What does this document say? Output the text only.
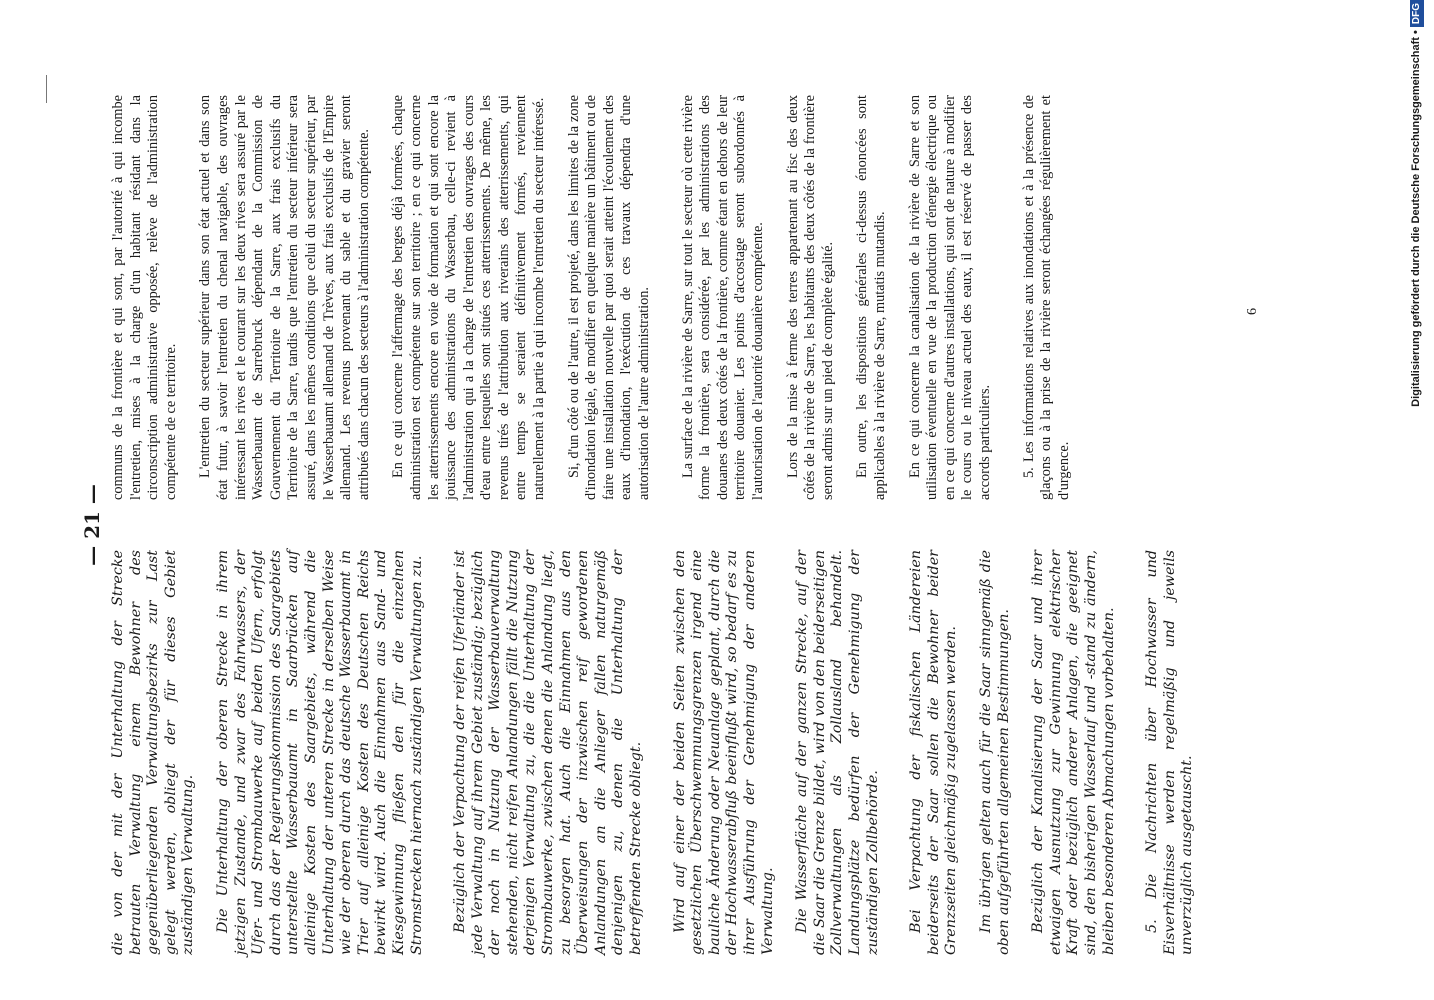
— 21 —

die von der mit der Unterhaltung der Strecke betrauten Verwaltung einem Bewohner des gegenüberliegenden Verwaltungsbezirks zur Last gelegt werden, obliegt der für dieses Gebiet zuständigen Verwaltung. Die Unterhaltung der oberen Strecke in ihrem jetzigen Zustande, und zwar des Fahrwassers, der Ufer- und Strombauwerke auf beiden Ufern, erfolgt durch das der Regierungskommission des Saargebiets unterstellte Wasserbauamt in Saarbrücken auf alleinige Kosten des Saargebiets, während die Unterhaltung der unteren Strecke in derselben Weise wie der oberen durch das deutsche Wasserbauamt in Trier auf alleinige Kosten des Deutschen Reichs bewirkt wird. Auch die Einnahmen aus Sand- und Kiesgewinnung fließen den für die einzelnen Stromstrecken hiernach zuständigen Verwaltungen zu. Bezüglich der Verpachtung der reifen Uferländer ist jede Verwaltung auf ihrem Gebiet zuständig; bezüglich der noch in Nutzung der Wasserbauverwaltung stehenden, nicht reifen Anlandungen fällt die Nutzung derjenigen Verwaltung zu, die die Unterhaltung der Strombauwerke, zwischen denen die Anlandung liegt, zu besorgen hat. Auch die Einnahmen aus den Überweisungen der inzwischen reif gewordenen Anlandungen an die Anlieger fallen naturgemäß denjenigen zu, denen die Unterhaltung der betreffenden Strecke obliegt. Wird auf einer der beiden Seiten zwischen den gesetzlichen Überschwemmungsgrenzen irgend eine bauliche Änderung oder Neuanlage geplant, durch die der Hochwasserabfluß beeinflußt wird, so bedarf es zu ihrer Ausführung der Genehmigung der anderen Verwaltung. Die Wasserfläche auf der ganzen Strecke, auf der die Saar die Grenze bildet, wird von den beiderseitigen Zollverwaltungen als Zollausland behandelt. Landungsplätze bedürfen der Genehmigung der zuständigen Zollbehörde. Bei Verpachtung der fiskalischen Ländereien beiderseits der Saar sollen die Bewohner beider Grenzseiten gleichmäßig zugelassen werden. Im übrigen gelten auch für die Saar sinngemäß die oben aufgeführten allgemeinen Bestimmungen. Bezüglich der Kanalisierung der Saar und ihrer etwaigen Ausnutzung zur Gewinnung elektrischer Kraft oder bezüglich anderer Anlagen, die geeignet sind, den bisherigen Wasserlauf und -stand zu ändern, bleiben besonderen Abmachungen vorbehalten. 5. Die Nachrichten über Hochwasser und Eisverhältnisse werden regelmäßig und jeweils unverzüglich ausgetauscht.

communs de la frontière et qui sont, par l'autorité à qui incombe l'entretien, mises à la charge d'un habitant résidant dans la circonscription administrative opposée, relève de l'administration compétente de ce territoire. L'entretien du secteur supérieur dans son état actuel et dans son état futur, à savoir l'entretien du chenal navigable, des ouvrages intéressant les rives et le courant sur les deux rives sera assuré par le Wasserbauamt de Sarrebruck dépendant de la Commission de Gouvernement du Territoire de la Sarre, aux frais exclusifs du Territoire de la Sarre, tandis que l'entretien du secteur inférieur sera assuré, dans les mêmes conditions que celui du secteur supérieur, par le Wasserbauamt allemand de Trèves, aux frais exclusifs de l'Empire allemand. Les revenus provenant du sable et du gravier seront attribués dans chacun des secteurs à l'administration compétente. En ce qui concerne l'affermage des berges déjà formées, chaque administration est compétente sur son territoire ; en ce qui concerne les atterrissements encore en voie de formation et qui sont encore la jouissance des administrations du Wasserbau, celle-ci revient à l'administration qui a la charge de l'entretien des ouvrages des cours d'eau entre lesquelles sont situés ces atterrissements. De même, les revenus tirés de l'attribution aux riverains des atterrissements, qui entre temps se seraient définitivement formés, reviennent naturellement à la partie à qui incombe l'entretien du secteur intéressé. Si, d'un côté ou de l'autre, il est projeté, dans les limites de la zone d'inondation légale, de modifier en quelque manière un bâtiment ou de faire une installation nouvelle par quoi serait atteint l'écoulement des eaux d'inondation, l'exécution de ces travaux dépendra d'une autorisation de l'autre administration. La surface de la rivière de Sarre, sur tout le secteur où cette rivière forme la frontière, sera considérée, par les administrations des douanes des deux côtés de la frontière, comme étant en dehors de leur territoire douanier. Les points d'accostage seront subordonnés à l'autorisation de l'autorité douanière compétente. Lors de la mise à ferme des terres appartenant au fisc des deux côtés de la rivière de Sarre, les habitants des deux côtés de la frontière seront admis sur un pied de complète égalité. En outre, les dispositions générales ci-dessus énoncées sont applicables à la rivière de Sarre, mutatis mutandis. En ce qui concerne la canalisation de la rivière de Sarre et son utilisation éventuelle en vue de la production d'énergie électrique ou en ce qui concerne d'autres installations, qui sont de nature à modifier le cours ou le niveau actuel des eaux, il est réservé de passer des accords particuliers. 5. Les informations relatives aux inondations et à la présence de glaçons ou à la prise de la rivière seront échangées régulièrement et d'urgence.

6	Digitalisierung gefördert durch die Deutsche Forschungsgemeinschaft •DFG
